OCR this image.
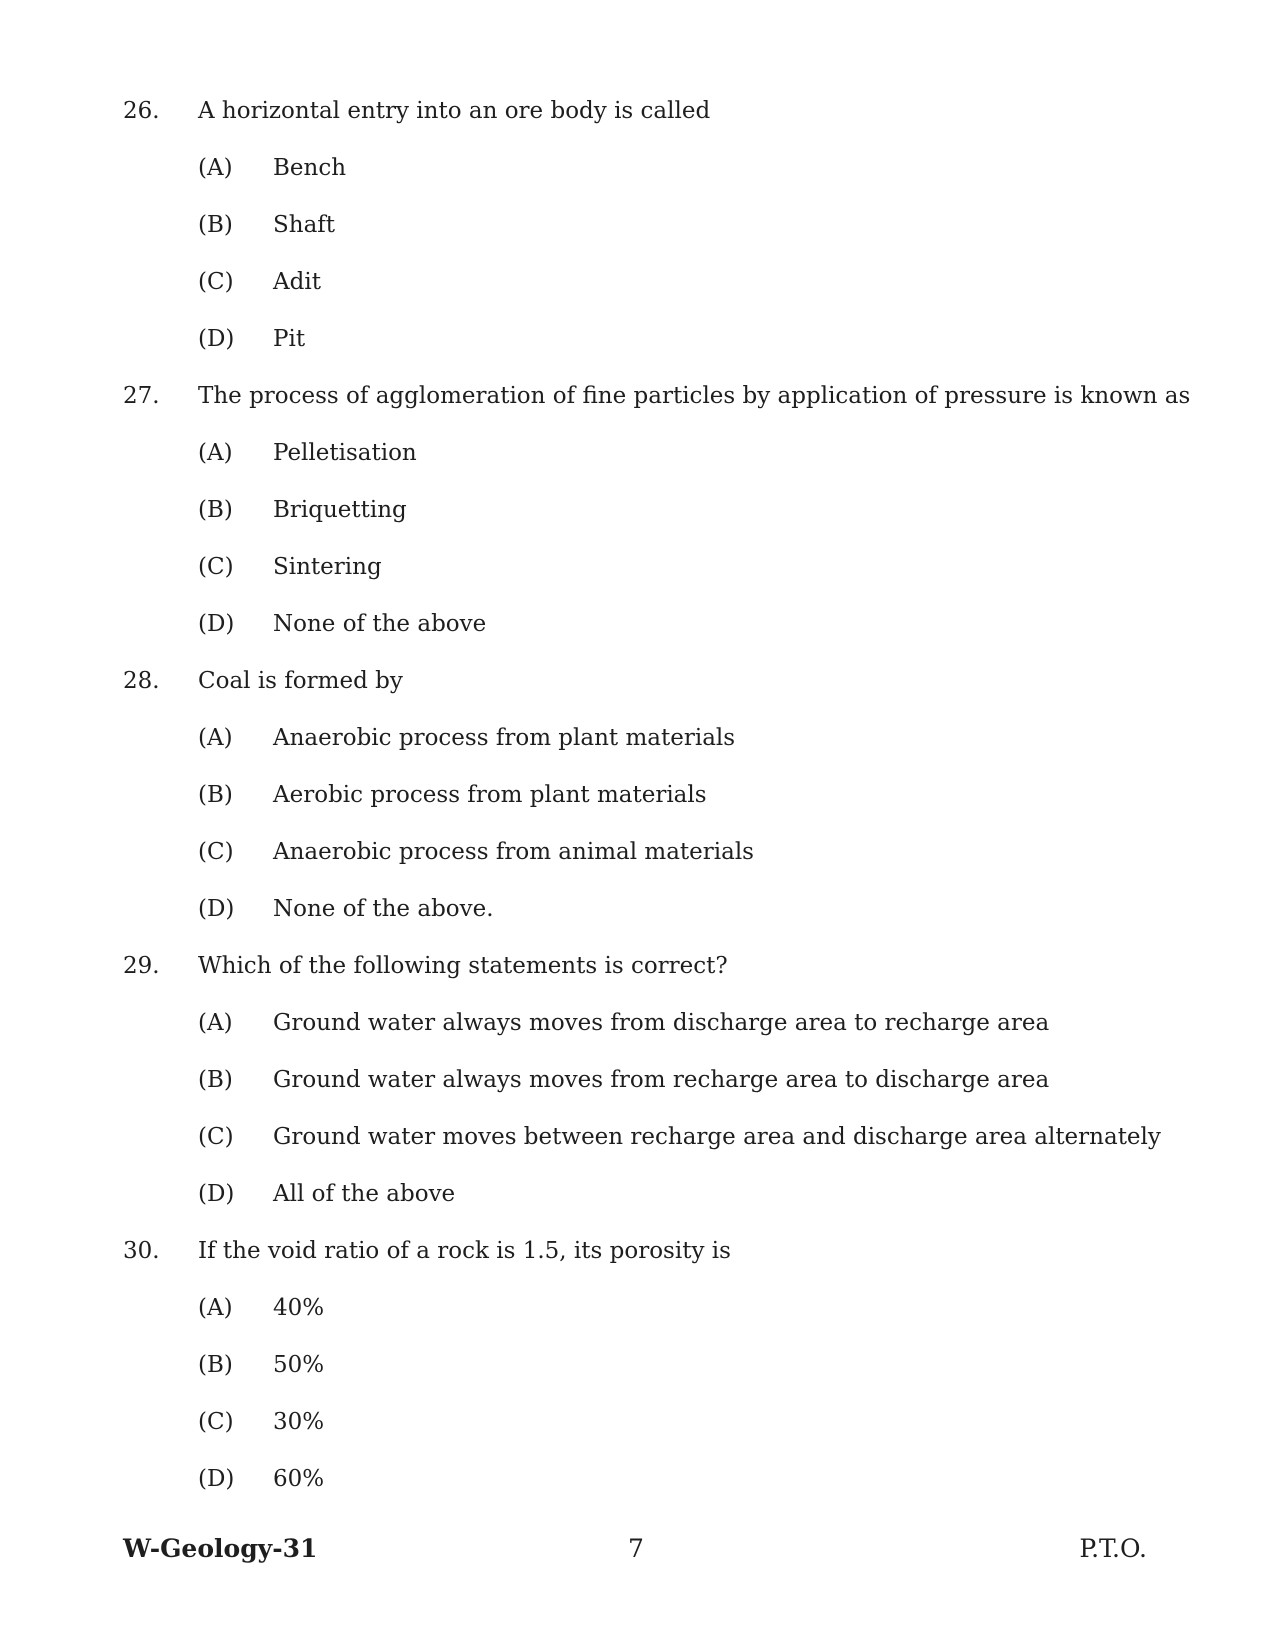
26. A horizontal entry into an ore body is called
(A) Bench
(B) Shaft
(C) Adit
(D) Pit
27. The process of agglomeration of fine particles by application of pressure is known as
(A) Pelletisation
(B) Briquetting
(C) Sintering
(D) None of the above
28. Coal is formed by
(A) Anaerobic process from plant materials
(B) Aerobic process from plant materials
(C) Anaerobic process from animal materials
(D) None of the above.
29. Which of the following statements is correct?
(A) Ground water always moves from discharge area to recharge area
(B) Ground water always moves from recharge area to discharge area
(C) Ground water moves between recharge area and discharge area alternately
(D) All of the above
30. If the void ratio of a rock is 1.5, its porosity is
(A) 40%
(B) 50%
(C) 30%
(D) 60%
W-Geology-31	7	P.T.O.
